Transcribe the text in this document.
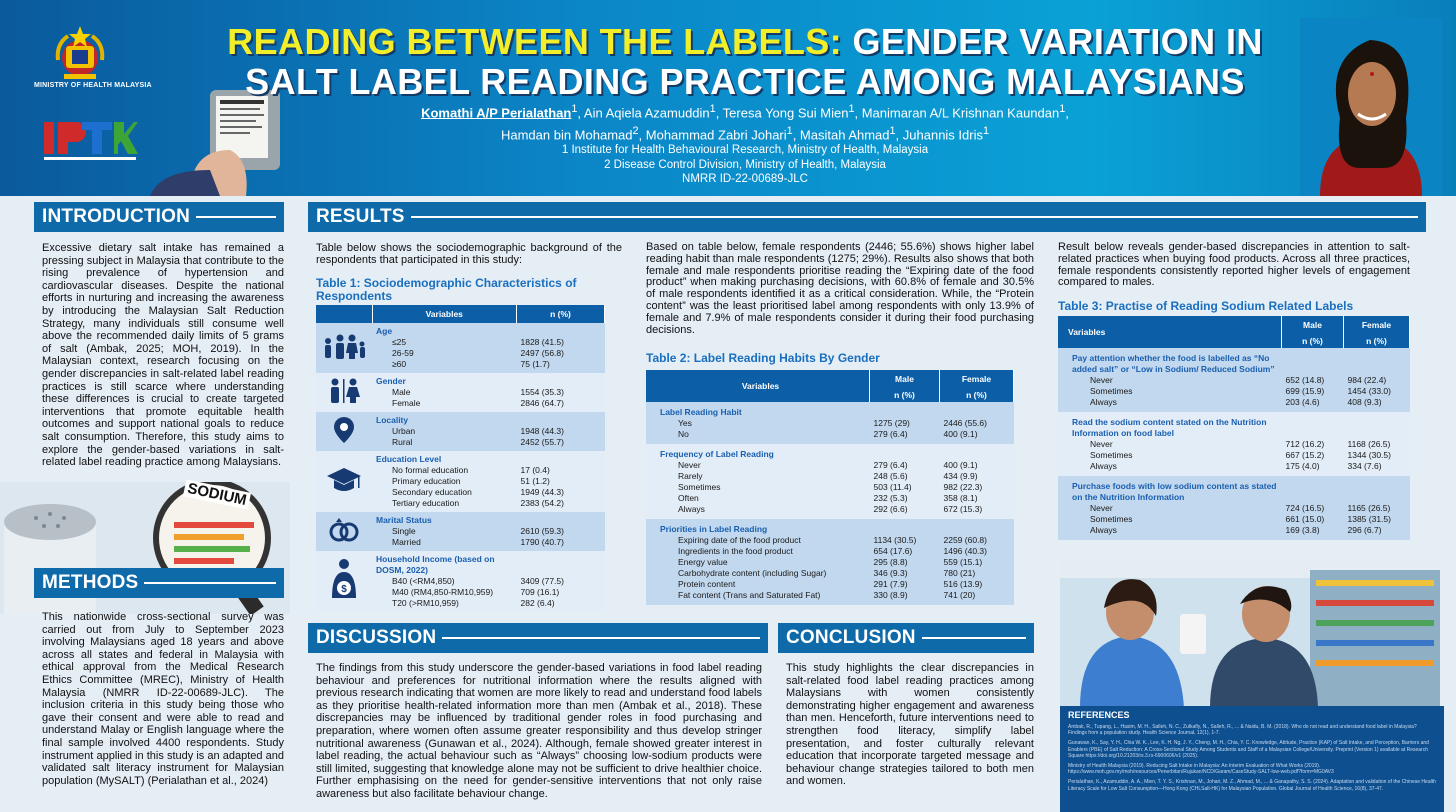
MINISTRY OF HEALTH MALAYSIA
READING BETWEEN THE LABELS: GENDER VARIATION IN
SALT LABEL READING PRACTICE AMONG MALAYSIANS
Komathi A/P Perialathan$^1$, Ain Aqiela Azamuddin$^1$, Teresa Yong Sui Mien$^1$, Manimaran A/L Krishnan Kaundan$^1$,
Hamdan bin Mohamad$^2$, Mohammad Zabri Johari$^1$, Masitah Ahmad$^1$, Juhannis Idris$^1$
1 Institute for Health Behavioural Research, Ministry of Health, Malaysia
2 Disease Control Division, Ministry of Health, Malaysia
NMRR ID-22-00689-JLC
INTRODUCTION
Excessive dietary salt intake has remained a pressing subject in Malaysia that contribute to the rising prevalence of hypertension and cardiovascular diseases. Despite the national efforts in nurturing and increasing the awareness by introducing the Malaysian Salt Reduction Strategy, many individuals still consume well above the recommended daily limits of 5 grams of salt (Ambak, 2025; MOH, 2019). In the Malaysian context, research focusing on the gender discrepancies in salt-related label reading practices is still scarce where understanding these differences is crucial to create targeted interventions that promote equitable health outcomes and support national goals to reduce salt consumption. Therefore, this study aims to explore the gender-based variations in salt-related label reading practice among Malaysians.
SODIUM
METHODS
This nationwide cross-sectional survey was carried out from July to September 2023 involving Malaysians aged 18 years and above across all states and federal in Malaysia with ethical approval from the Medical Research Ethics Committee (MREC), Ministry of Health Malaysia (NMRR ID-22-00689-JLC). The inclusion criteria in this study being those who gave their consent and were able to read and understand Malay or English language where the final sample involved 4400 respondents. Study instrument applied in this study is an adapted and validated salt literacy instrument for Malaysian population (MySALT) (Perialathan et al., 2024)
RESULTS
Table below shows the sociodemographic background of the respondents that participated in this study:
Table 1: Sociodemographic Characteristics of Respondents
	Variables	n (%)
	Age	
	≤25	1828 (41.5)
	26-59	2497 (56.8)
	≥60	75 (1.7)
	Gender	
	Male	1554 (35.3)
	Female	2846 (64.7)
	Locality	
	Urban	1948 (44.3)
	Rural	2452 (55.7)
	Education Level	
	No formal education	17 (0.4)
	Primary education	51 (1.2)
	Secondary education	1949 (44.3)
	Tertiary education	2383 (54.2)
	Marital Status	
	Single	2610 (59.3)
	Married	1790 (40.7)

$	Household Income (based on DOSM, 2022)	
	B40 (<RM4,850)	3409 (77.5)
	M40 (RM4,850-RM10,959)	709 (16.1)
	T20 (>RM10,959)	282 (6.4)
Based on table below, female respondents (2446; 55.6%) shows higher label reading habit than male respondents (1275; 29%). Results also shows that both female and male respondents prioritise reading the “Expiring date of the food product” when making purchasing decisions, with 60.8% of female and 30.5% of male respondents identified it as a critical consideration. While, the “Protein content” was the least prioritised label among respondents with only 13.9% of female and 7.9% of male respondents consider it during their food purchasing decisions.
Table 2: Label Reading Habits By Gender
Variables	Male	Female
	n (%)	n (%)
Label Reading Habit		
Yes	1275 (29)	2446 (55.6)
No	279 (6.4)	400 (9.1)
Frequency of Label Reading		
Never	279 (6.4)	400 (9.1)
Rarely	248 (5.6)	434 (9.9)
Sometimes	503 (11.4)	982 (22.3)
Often	232 (5.3)	358 (8.1)
Always	292 (6.6)	672 (15.3)
Priorities in Label Reading		
Expiring date of the food product	1134 (30.5)	2259 (60.8)
Ingredients in the food product	654 (17.6)	1496 (40.3)
Energy value	295 (8.8)	559 (15.1)
Carbohydrate content (including Sugar)	346 (9.3)	780 (21)
Protein content	291 (7.9)	516 (13.9)
Fat content (Trans and Saturated Fat)	330 (8.9)	741 (20)
Result below reveals gender-based discrepancies in attention to salt-related practices when buying food products. Across all three practices, female respondents consistently reported higher levels of engagement compared to males.
Table 3: Practise of Reading Sodium Related Labels
Variables	Male	Female
	n (%)	n (%)
Pay attention whether the food is labelled as “No added salt” or “Low in Sodium/ Reduced Sodium”		
Never	652 (14.8)	984 (22.4)
Sometimes	699 (15.9)	1454 (33.0)
Always	203 (4.6)	408 (9.3)
Read the sodium content stated on the Nutrition Information on food label		
Never	712 (16.2)	1168 (26.5)
Sometimes	667 (15.2)	1344 (30.5)
Always	175 (4.0)	334 (7.6)
Purchase foods with low sodium content as stated on the Nutrition Information		
Never	724 (16.5)	1165 (26.5)
Sometimes	661 (15.0)	1385 (31.5)
Always	169 (3.8)	296 (6.7)
REFERENCES
Ambak, R., Tupang, L., Hasim, M. H., Salleh, N. C., Zulkafly, N., Salleh, R., ... & Naidu, B. M. (2018). Who do not read and understand food label in Malaysia? Findings from a population study. Health Science Journal, 12(1), 1-7.
Gunawan, K., Say, Y. H., Chia W. K., Lee, K. H. Ng, J. Y., Cheng, M. H., Chia, Y. C. Knowledge, Attitude, Practice (KAP) of Salt Intake, and Perception, Barriers and Enablers (PBE) of Salt Reduction: A Cross-Sectional Study Among Students and Staff of a Malaysian College/University. Preprint (Version 1) available at Research Square https://doi.org/10.21203/rs.3.rs-6900606/v1 (2025).
Ministry of Health Malaysia (2019). Reducing Salt Intake in Malaysia: An Interim Evaluation of What Works (2019). https://www.moh.gov.my/moh/resources/Penerbitan/Rujukan/NCD/Garam/CaseStudy-SALT-low-web.pdf?form=MG0AV3
Perialathan, K., Azamuddin, A. A., Mien, T. Y. S., Krishnan, M., Johari, M. Z., Ahmad, M., ... & Ganapathy, S. S. (2024). Adaptation and validation of the Chinese Health Literacy Scale for Low Salt Consumption—Hong Kong (CHLSalt-HK) for Malaysian Population. Global Journal of Health Science, 16(8), 37-47.
DISCUSSION
The findings from this study underscore the gender-based variations in food label reading behaviour and preferences for nutritional information where the results aligned with previous research indicating that women are more likely to read and understand food labels as they prioritise health-related information more than men (Ambak et al., 2018). These discrepancies may be influenced by traditional gender roles in food purchasing and preparation, where women often assume greater responsibility and thus develop stringer nutritional awareness (Gunawan et al., 2024). Although, female showed greater interest in label reading, the actual behaviour such as “Always” choosing low-sodium products were still limited, suggesting that knowledge alone may not be sufficient to drive healthier choice. Further emphasising on the need for gender-sensitive interventions that not only raise awareness but also facilitate behaviour change.
CONCLUSION
This study highlights the clear discrepancies in salt-related food label reading practices among Malaysians with women consistently demonstrating higher engagement and awareness than men. Henceforth, future interventions need to strengthen food literacy, simplify label presentation, and foster culturally relevant education that incorporate targeted message and behaviour change strategies tailored to both men and women.
